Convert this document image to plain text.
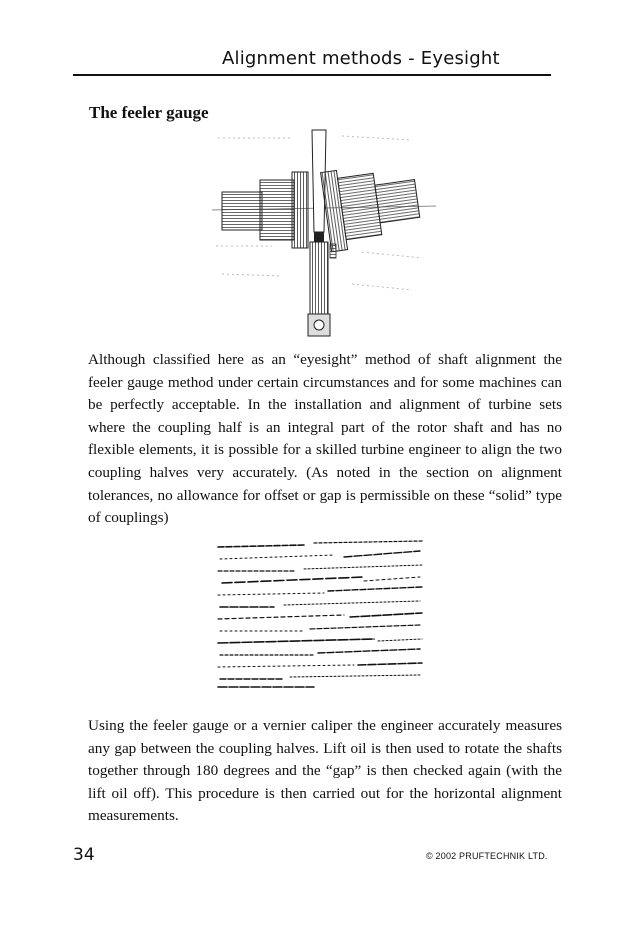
Alignment methods - Eyesight
The feeler gauge
Although classified here as an “eyesight” method of shaft alignment the feeler gauge method under certain circumstances and for some machines can be perfectly acceptable. In the installation and alignment of turbine sets where the coupling half is an integral part of the rotor shaft and has no flexible elements, it is possible for a skilled turbine engineer to align the two coupling halves very accurately. (As noted in the section on alignment tolerances, no allowance for offset or gap is permissible on these “solid” type of couplings)
Using the feeler gauge or a vernier caliper the engineer accurately measures any gap between the coupling halves. Lift oil is then used to rotate the shafts together through 180 degrees and the “gap” is then checked again (with the lift oil off). This procedure is then carried out for the horizontal alignment measurements.
34	© 2002 PRUFTECHNIK LTD.
